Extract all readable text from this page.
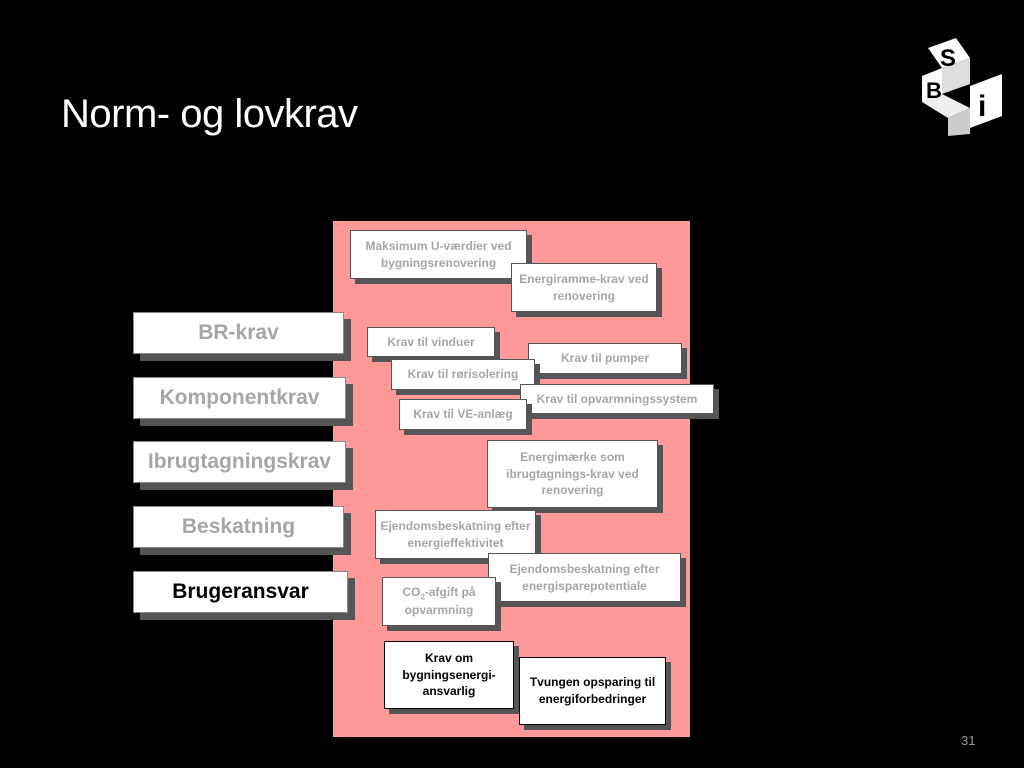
Norm- og lovkrav
S
B i
BR-krav
Komponentkrav
Ibrugtagningskrav
Beskatning
Brugeransvar
Maksimum U-værdier ved bygningsrenovering
Energiramme-krav ved renovering
Krav til vinduer
Krav til pumper
Krav til rørisolering
Krav til opvarmningssystem
Krav til VE-anlæg
Energimærke som ibrugtagnings-krav ved renovering
Ejendomsbeskatning efter energieffektivitet
Ejendomsbeskatning efter energisparepotentiale
$CO_2$-afgift på opvarmning
Krav om bygningsenergi-ansvarlig
Tvungen opsparing til energiforbedringer
31
